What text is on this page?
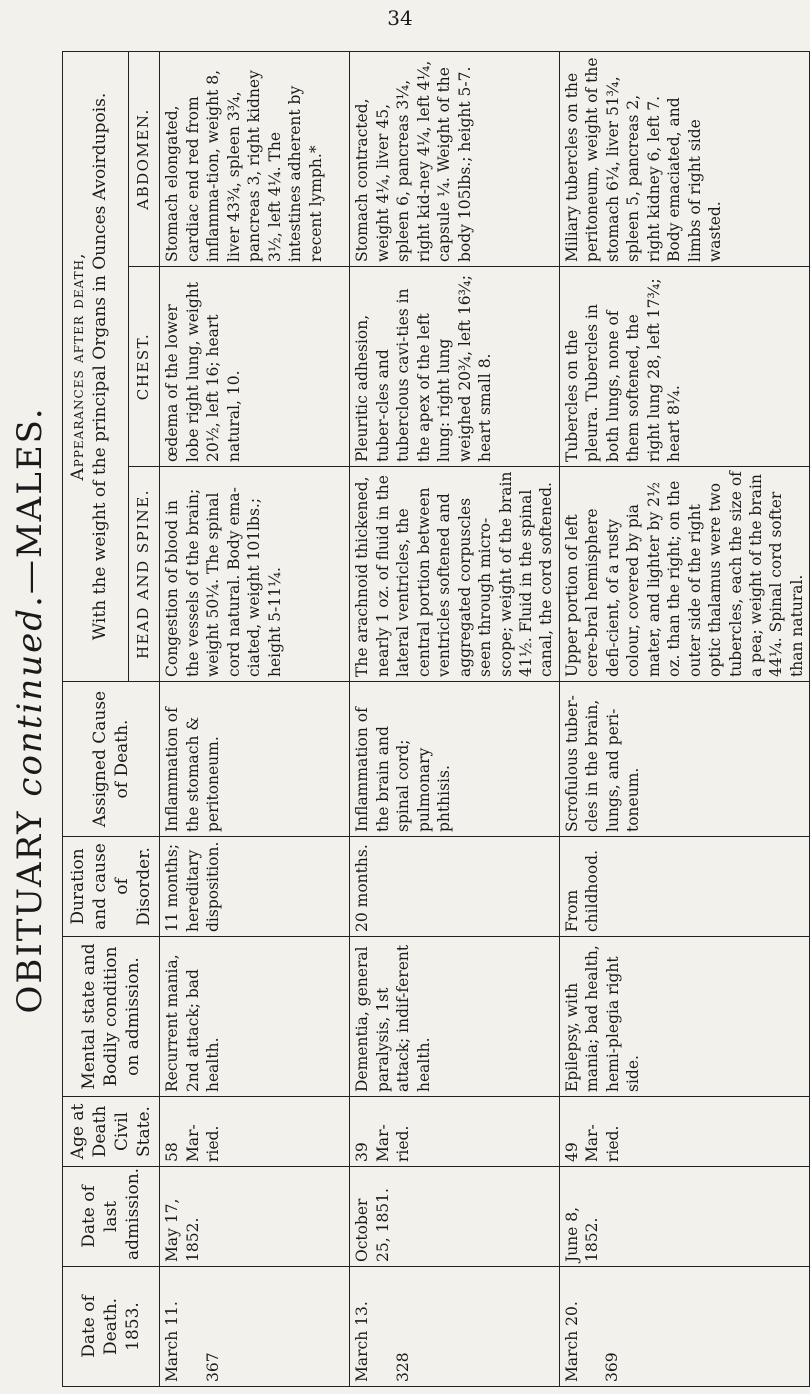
34
OBITUARY continued.—MALES.
Date of Death. 1853.	Date of last admission.	Age at Death Civil State.	Mental state and Bodily condition on admission.	Duration and cause of Disorder.	Assigned Cause of Death.	Appearances after death, With the weight of the principal Organs in Ounces Avoirdupois.		

						HEAD AND SPINE.	CHEST.	ABDOMEN.

March 11. 367	May 17, 1852.	58 Mar-ried.	Recurrent mania, 2nd attack; bad health.	11 months; hereditary disposition.	Inflammation of the stomach & peritoneum.	Congestion of blood in the vessels of the brain; weight 50¼. The spinal cord natural. Body ema-ciated, weight 101lbs.; height 5-11¼.	œdema of the lower lobe right lung, weight 20½, left 16; heart natural, 10.	Stomach elongated, cardiac end red from inflamma-tion, weight 8, liver 43¾, spleen 3¾, pancreas 3, right kidney 3½, left 4¼. The intestines adherent by recent lymph.*

March 13. 328	October 25, 1851.	39 Mar-ried.	Dementia, general paralysis, 1st attack; indif-ferent health.	20 months.	Inflammation of the brain and spinal cord; pulmonary phthisis.	The arachnoid thickened, nearly 1 oz. of fluid in the lateral ventricles, the central portion between ventricles softened and aggregated corpuscles seen through micro-scope; weight of the brain 41½. Fluid in the spinal canal, the cord softened.	Pleuritic adhesion, tuber-cles and tuberclous cavi-ties in the apex of the left lung: right lung weighed 20¾, left 16¾; heart small 8.	Stomach contracted, weight 4¼, liver 45, spleen 6, pancreas 3¼, right kid-ney 4¼, left 4¼, capsule ¼. Weight of the body 105lbs.; height 5-7.

March 20. 369	June 8, 1852.	49 Mar-ried.	Epilepsy, with mania; bad health, hemi-plegia right side.	From childhood.	Scrofulous tuber-cles in the brain, lungs, and peri-toneum.	Upper portion of left cere-bral hemisphere defi-cient, of a rusty colour, covered by pia mater, and lighter by 2½ oz. than the right; on the outer side of the right optic thalamus were two tubercles, each the size of a pea; weight of the brain 44¼. Spinal cord softer than natural.	Tubercles on the pleura. Tubercles in both lungs, none of them softened, the right lung 28, left 17¾; heart 8¼.	Miliary tubercles on the peritoneum, weight of the stomach 6¼, liver 51¾, spleen 5, pancreas 2, right kidney 6, left 7. Body emaciated, and limbs of right side wasted.
